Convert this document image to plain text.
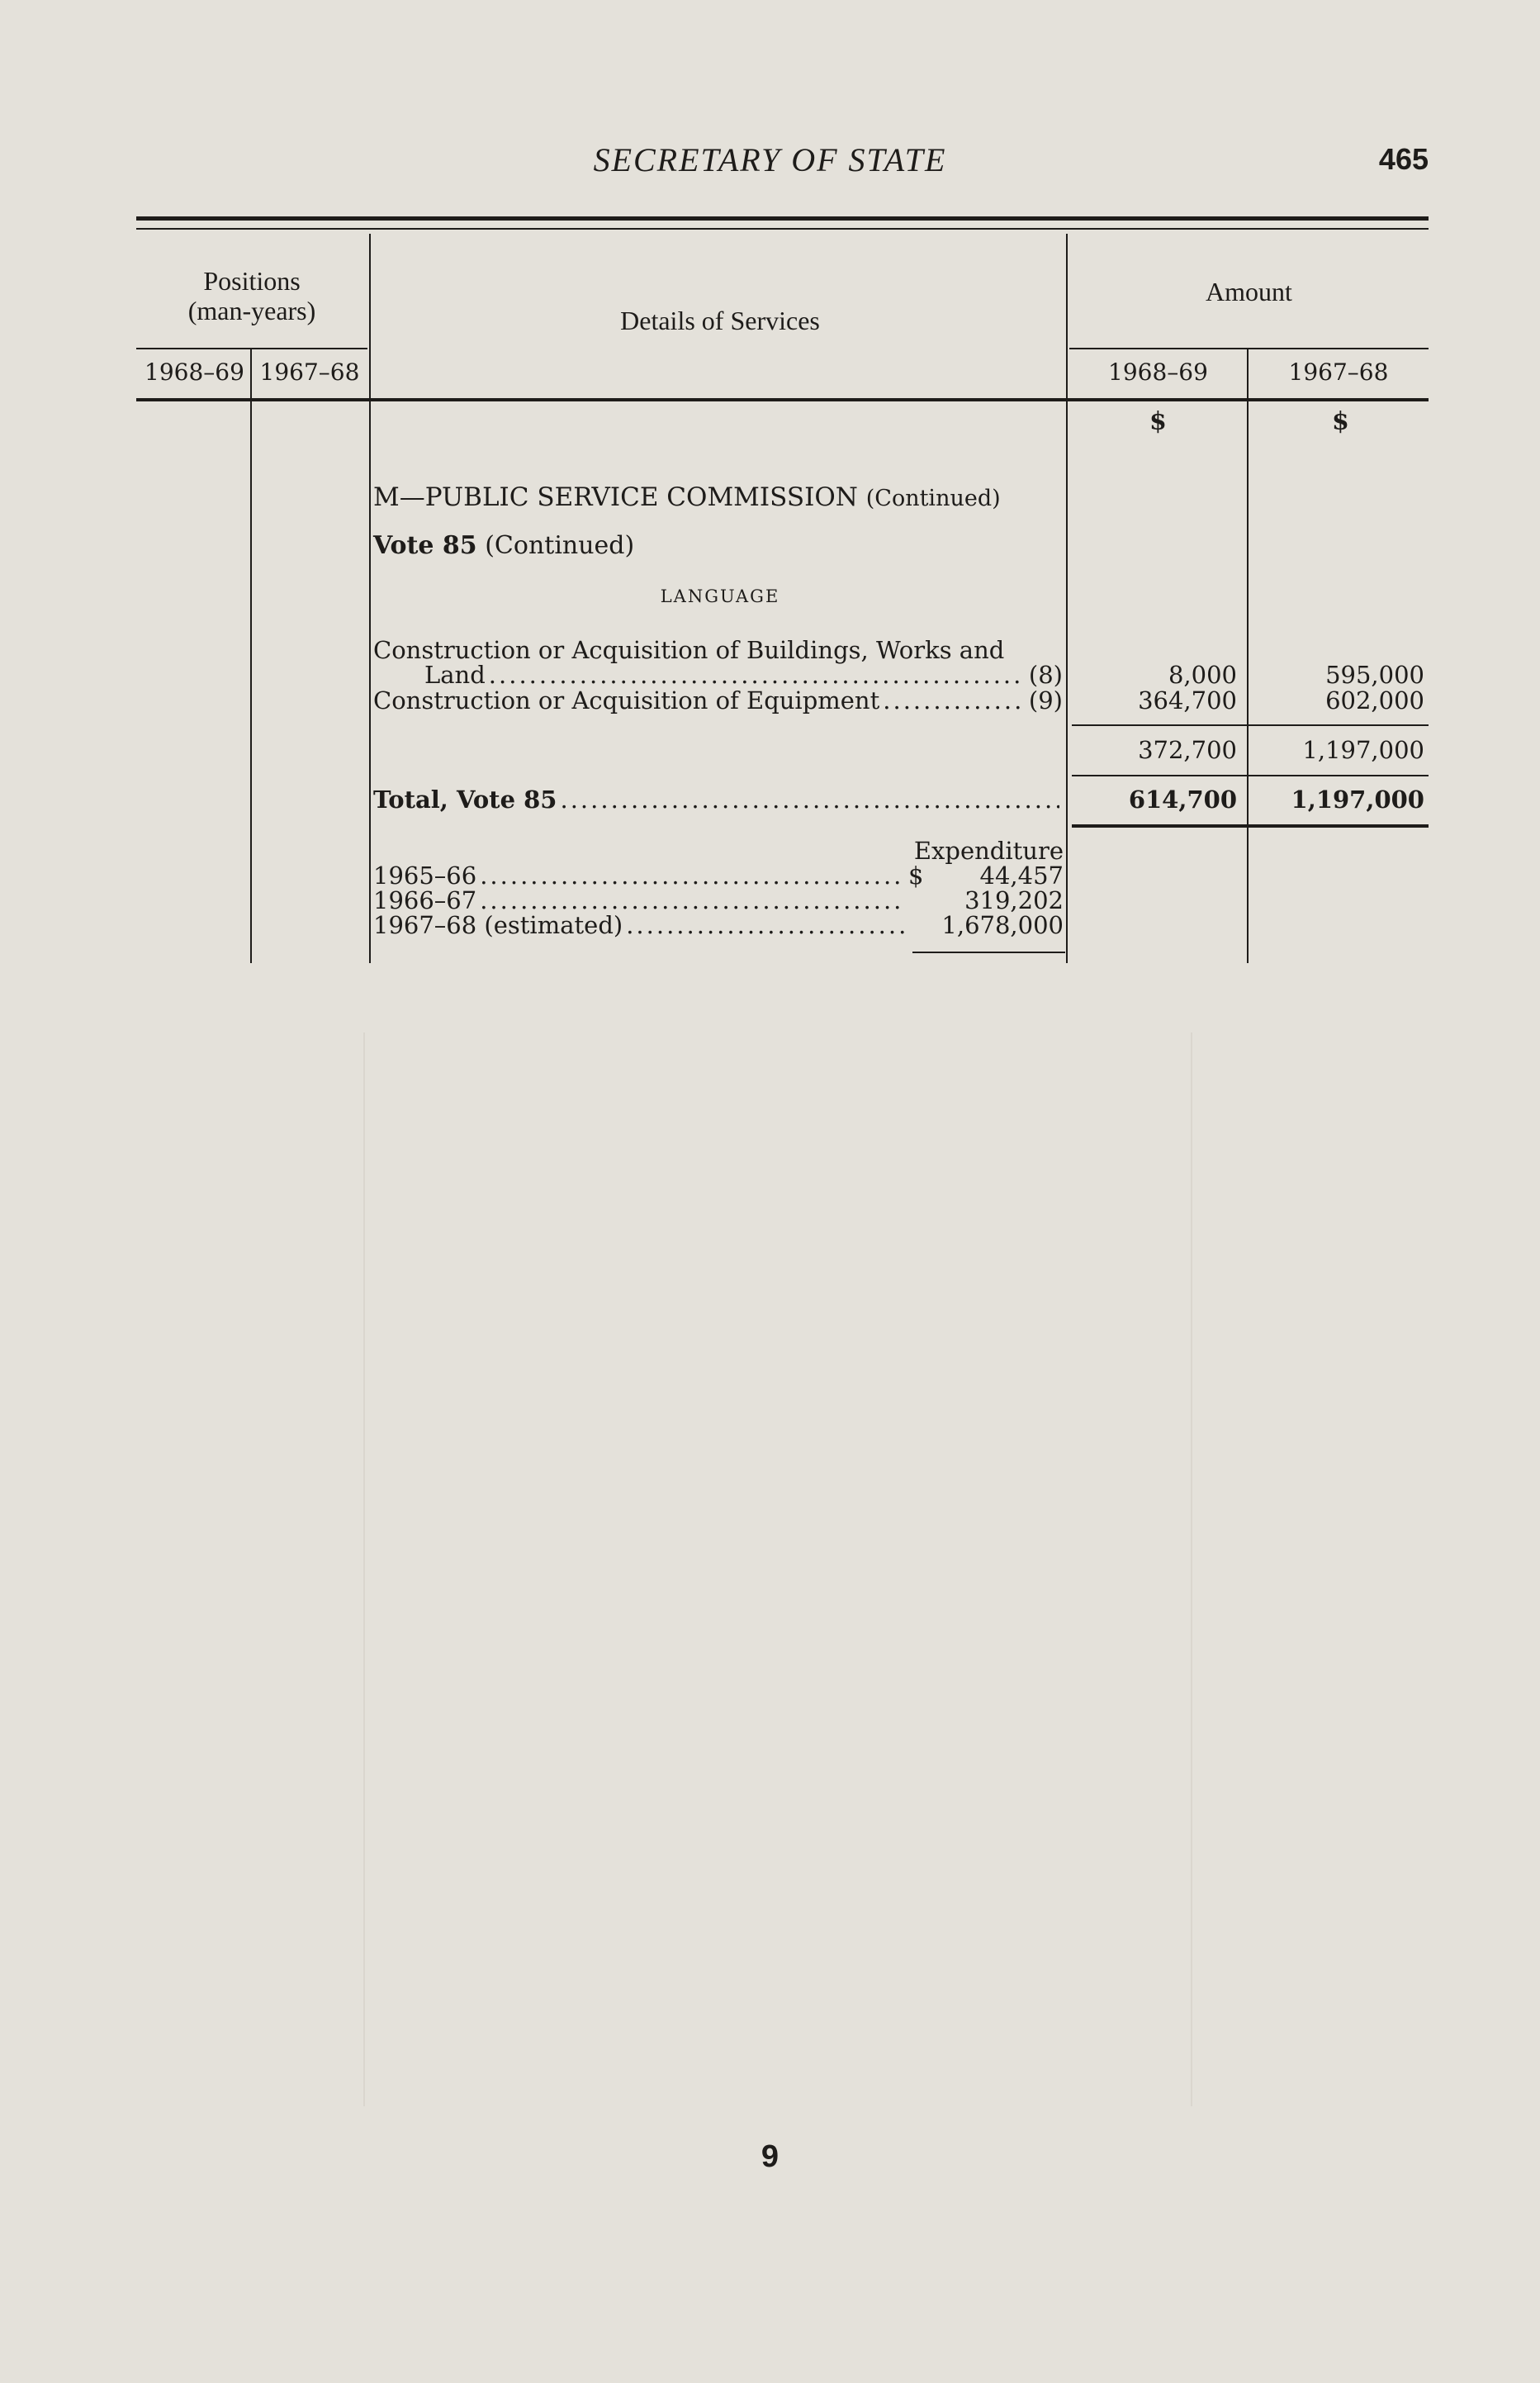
SECRETARY OF STATE	465
Positions
(man-years)	Details of Services
Amount
1968–69 1967–68	1968–69	1967–68
$	$
M—PUBLIC SERVICE COMMISSION (Continued)
Vote 85 (Continued)
LANGUAGE
Construction or Acquisition of Buildings, Works and
Land .....	(8)	8,000	595,000
Construction or Acquisition of Equipment .....	(9)	364,700	602,000
372,700	1,197,000
Total, Vote 85 .....	614,700	1,197,000
Expenditure
1965–66 .....	$	44,457
1966–67 .....	319,202
1967–68 (estimated) .....	1,678,000
9
